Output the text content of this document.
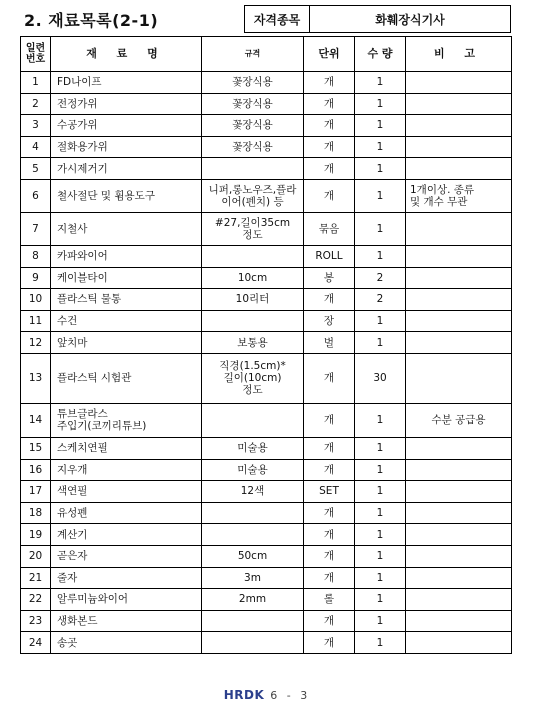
2. 재료목록(2-1)	자격종목	화훼장식기사
일련
번호	재 료 명	규격	단위	수 량	비 고
1	FD나이프	꽃장식용	개	1	
2	전정가위	꽃장식용	개	1	
3	수공가위	꽃장식용	개	1	
4	절화용가위	꽃장식용	개	1	
5	가시제거기		개	1	
6	철사절단 및 휨용도구	니퍼,롱노우즈,플라
이어(펜치) 등	개	1	1개이상. 종류
및 개수 무관
7	지철사	#27,길이35cm
정도	묶음	1	
8	카파와이어		ROLL	1	
9	케이블타이	10cm	봉	2	
10	플라스틱 물통	10리터	개	2	
11	수건		장	1	
12	앞치마	보통용	벌	1	
13	플라스틱 시험관	직경(1.5cm)*
길이(10cm)
정도	개	30	
14	튜브글라스
주입기(코끼리튜브)		개	1	수분 공급용
15	스케치연필	미술용	개	1	
16	지우개	미술용	개	1	
17	색연필	12색	SET	1	
18	유성펜		개	1	
19	계산기		개	1	
20	곧은자	50cm	개	1	
21	줄자	3m	개	1	
22	알루미늄와이어	2mm	롤	1	
23	생화본드		개	1	
24	송곳		개	1	
HRDK 6 - 3
